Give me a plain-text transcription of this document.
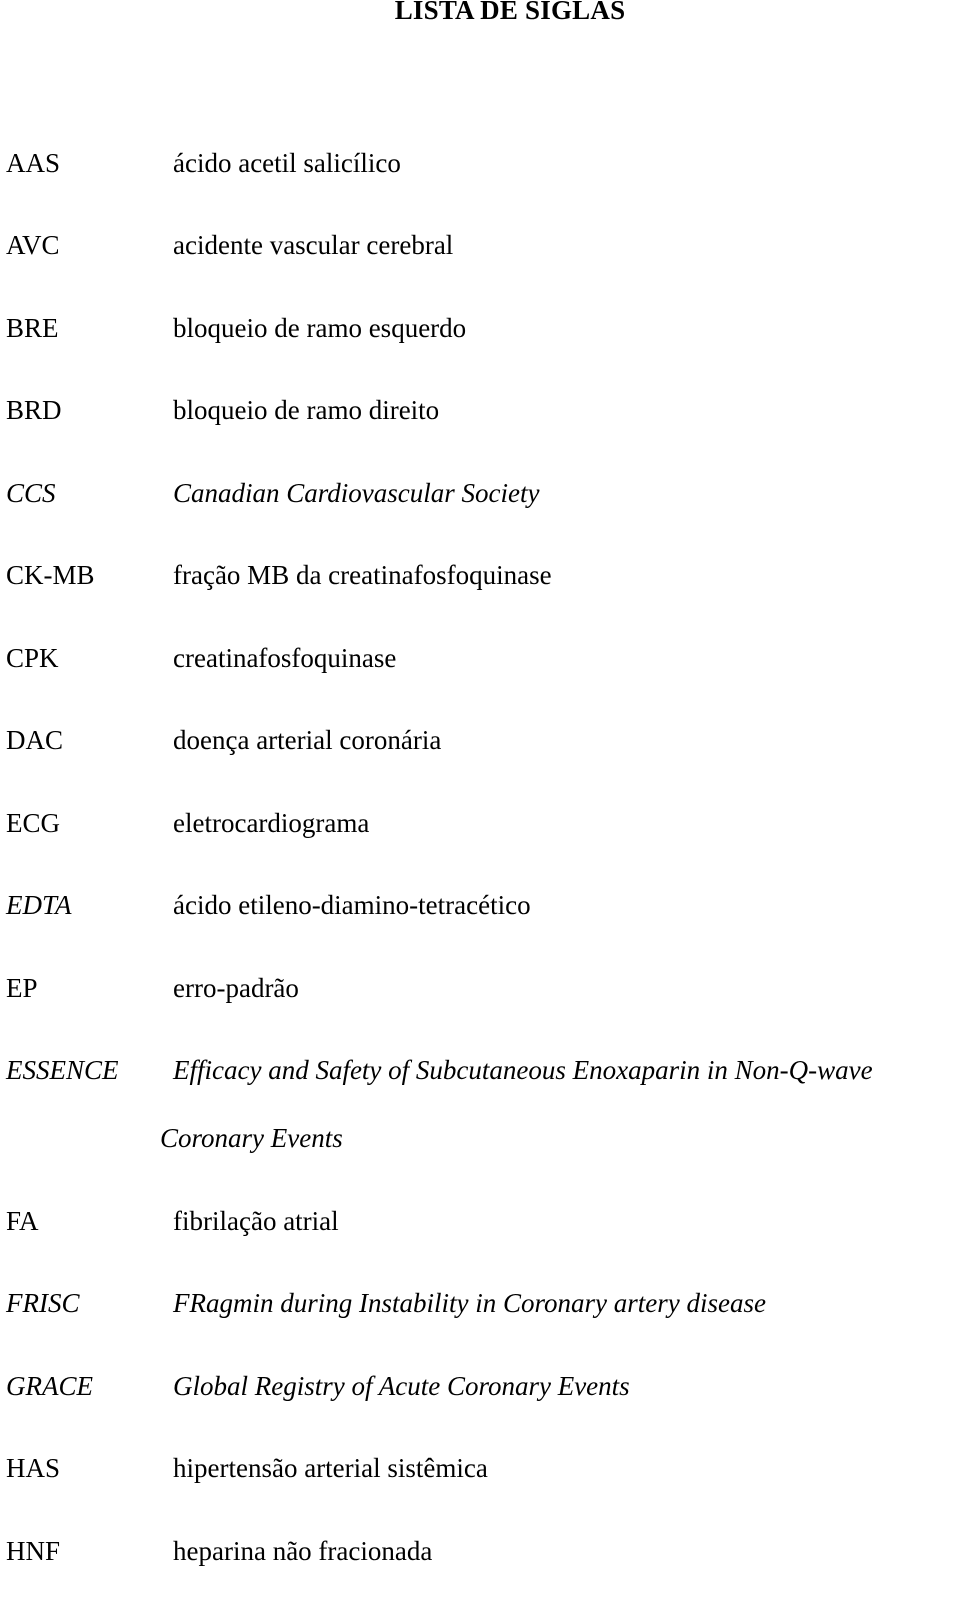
LISTA DE SIGLAS
AAS	ácido acetil salicílico
AVC	acidente vascular cerebral
BRE	bloqueio de ramo esquerdo
BRD	bloqueio de ramo direito
CCS	Canadian Cardiovascular Society
CK-MB	fração MB da creatinafosfoquinase
CPK	creatinafosfoquinase
DAC	doença arterial coronária
ECG	eletrocardiograma
EDTA	ácido etileno-diamino-tetracético
EP	erro-padrão
ESSENCE Efficacy and Safety of Subcutaneous Enoxaparin in Non-Q-wave
Coronary Events
FA	fibrilação atrial
FRISC	FRagmin during Instability in Coronary artery disease
GRACE	Global Registry of Acute Coronary Events
HAS	hipertensão arterial sistêmica
HNF	heparina não fracionada
